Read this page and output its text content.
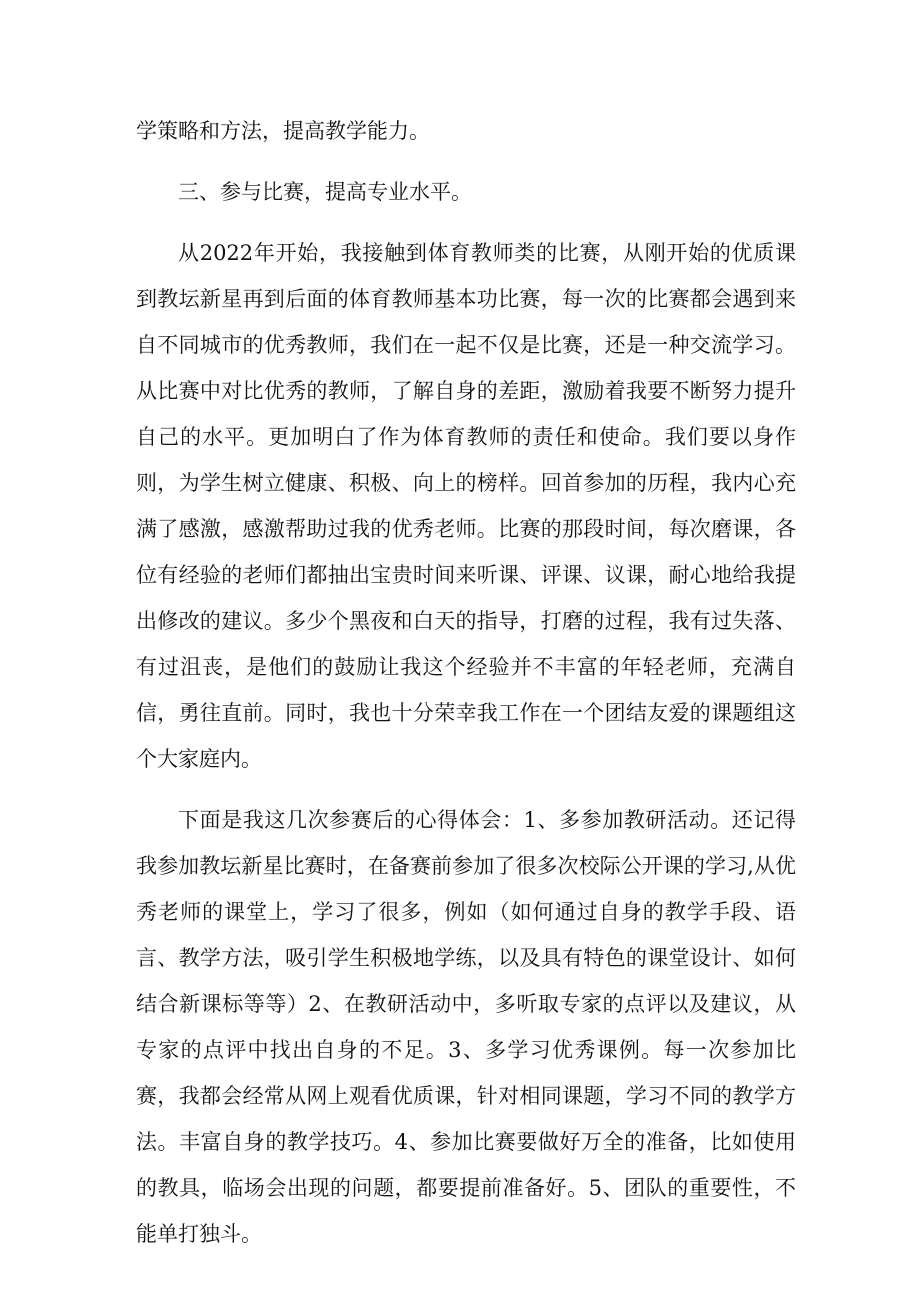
学策略和方法，提高教学能力。

三、参与比赛，提高专业水平。

从2022年开始，我接触到体育教师类的比赛，从刚开始的优质课到教坛新星再到后面的体育教师基本功比赛，每一次的比赛都会遇到来自不同城市的优秀教师，我们在一起不仅是比赛，还是一种交流学习。从比赛中对比优秀的教师，了解自身的差距，激励着我要不断努力提升自己的水平。更加明白了作为体育教师的责任和使命。我们要以身作则，为学生树立健康、积极、向上的榜样。回首参加的历程，我内心充满了感激，感激帮助过我的优秀老师。比赛的那段时间，每次磨课，各位有经验的老师们都抽出宝贵时间来听课、评课、议课，耐心地给我提出修改的建议。多少个黑夜和白天的指导，打磨的过程，我有过失落、有过沮丧，是他们的鼓励让我这个经验并不丰富的年轻老师，充满自信，勇往直前。同时，我也十分荣幸我工作在一个团结友爱的课题组这个大家庭内。

下面是我这几次参赛后的心得体会：1、多参加教研活动。还记得我参加教坛新星比赛时，在备赛前参加了很多次校际公开课的学习,从优秀老师的课堂上，学习了很多，例如（如何通过自身的教学手段、语言、教学方法，吸引学生积极地学练，以及具有特色的课堂设计、如何结合新课标等等）2、在教研活动中，多听取专家的点评以及建议，从专家的点评中找出自身的不足。3、多学习优秀课例。每一次参加比赛，我都会经常从网上观看优质课，针对相同课题，学习不同的教学方法。丰富自身的教学技巧。4、参加比赛要做好万全的准备，比如使用的教具，临场会出现的问题，都要提前准备好。5、团队的重要性，不能单打独斗。
